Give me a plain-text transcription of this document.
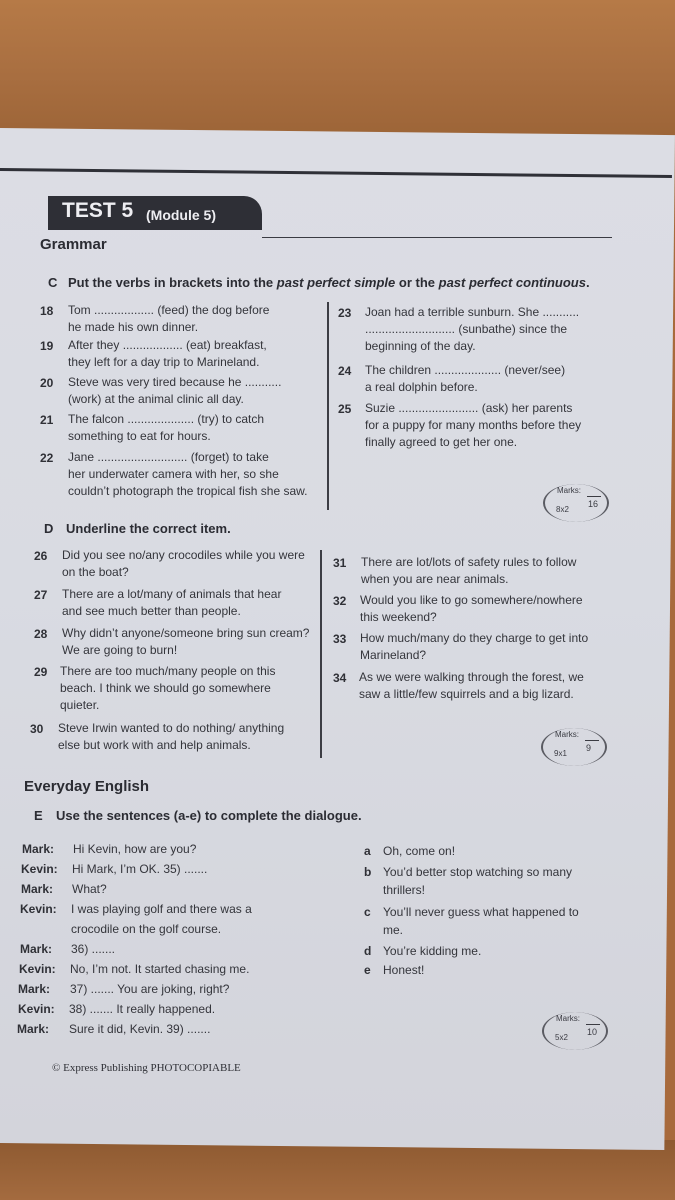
TEST 5 (Module 5)
Grammar
C Put the verbs in brackets into the past perfect simple or the past perfect continuous.
18 Tom .................. (feed) the dog before
he made his own dinner.
19 After they .................. (eat) breakfast,
they left for a day trip to Marineland.
20 Steve was very tired because he ...........
(work) at the animal clinic all day.
21 The falcon .................... (try) to catch
something to eat for hours.
22 Jane ........................... (forget) to take
her underwater camera with her, so she
couldn’t photograph the tropical fish she saw.
23 Joan had a terrible sunburn. She ...........
........................... (sunbathe) since the
beginning of the day.
24 The children .................... (never/see)
a real dolphin before.
25 Suzie ........................ (ask) her parents
for a puppy for many months before they
finally agreed to get her one.
Marks:
16
8x2
D Underline the correct item.
26 Did you see no/any crocodiles while you were
on the boat?
27 There are a lot/many of animals that hear
and see much better than people.
28 Why didn’t anyone/someone bring sun cream?
We are going to burn!
29 There are too much/many people on this
beach. I think we should go somewhere
quieter.
30 Steve Irwin wanted to do nothing/ anything
else but work with and help animals.
31 There are lot/lots of safety rules to follow
when you are near animals.
32 Would you like to go somewhere/nowhere
this weekend?
33 How much/many do they charge to get into
Marineland?
34 As we were walking through the forest, we
saw a little/few squirrels and a big lizard.
Marks:
9
9x1
Everyday English
E Use the sentences (a-e) to complete the dialogue.
Mark: Hi Kevin, how are you?
Kevin: Hi Mark, I’m OK. 35) .......
Mark: What?
Kevin: I was playing golf and there was a
crocodile on the golf course.
Mark: 36) .......
Kevin: No, I’m not. It started chasing me.
Mark: 37) ....... You are joking, right?
Kevin: 38) ....... It really happened.
Mark: Sure it did, Kevin. 39) .......
a Oh, come on!
b You’d better stop watching so many
thrillers!
c You’ll never guess what happened to
me.
d You’re kidding me.
e Honest!
Marks:
10
5x2
© Express Publishing PHOTOCOPIABLE
